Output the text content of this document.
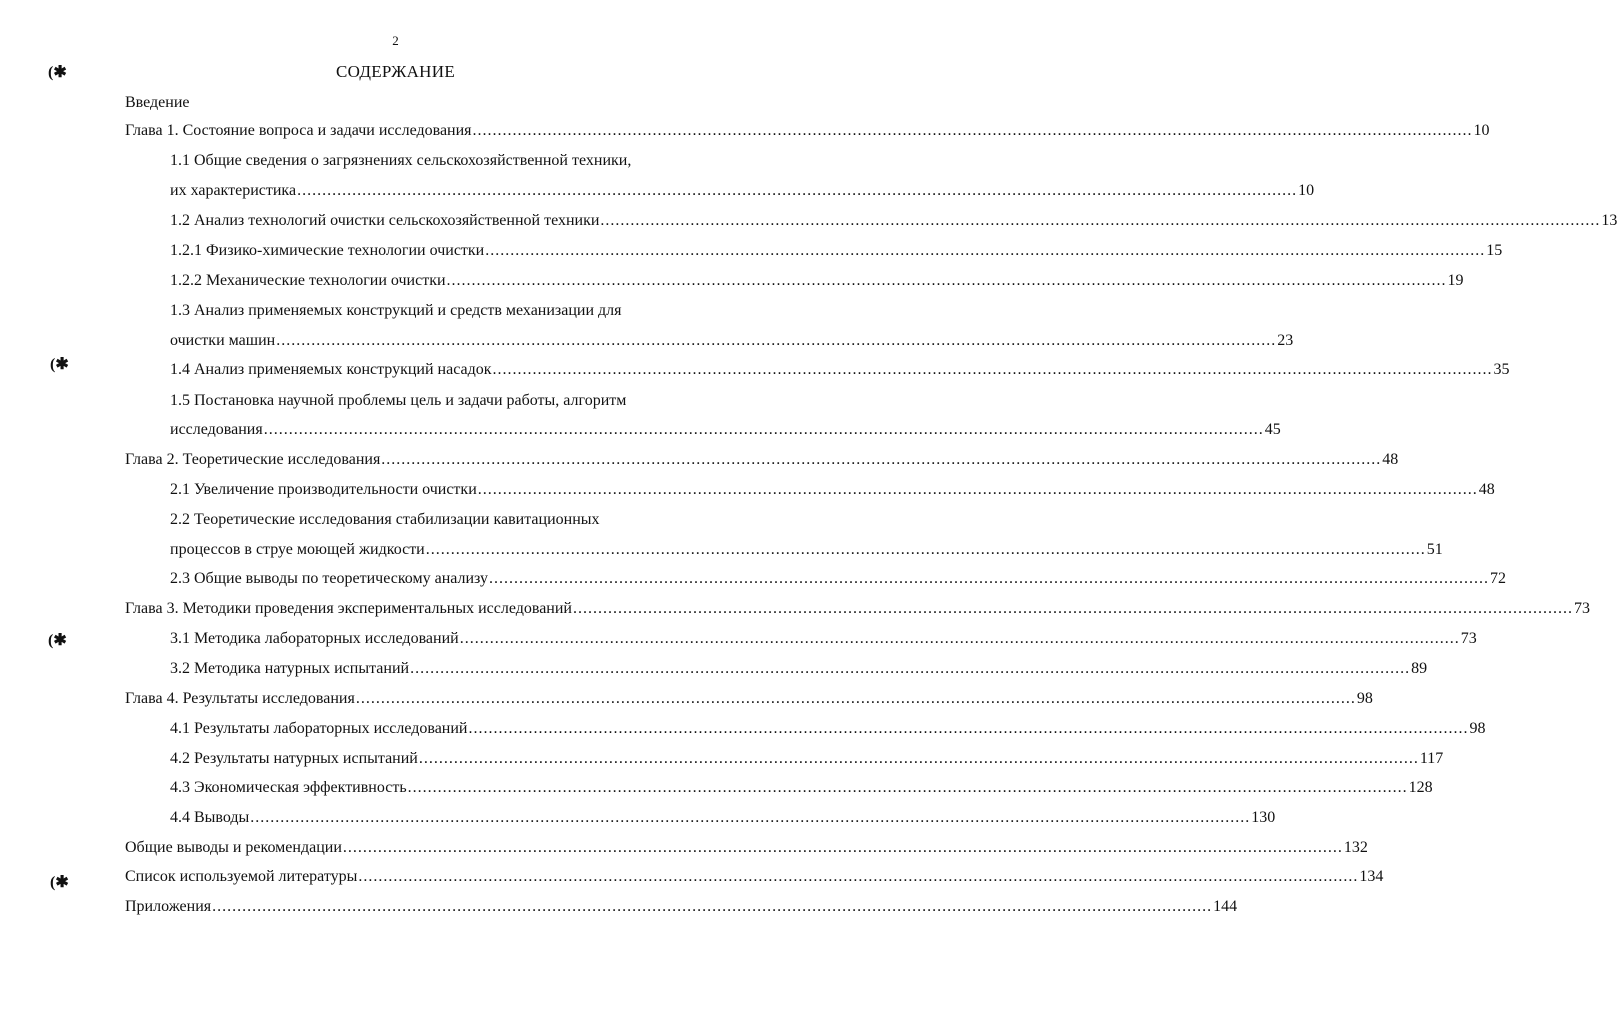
2
СОДЕРЖАНИЕ
(✱
(✱
(✱
(✱
Введение
Глава 1. Состояние вопроса и задачи исследования ........................................................................................................................................................................................................ 10
1.1 Общие сведения о загрязнениях сельскохозяйственной техники,
их характеристика ........................................................................................................................................................................................................ 10
1.2 Анализ технологий очистки сельскохозяйственной техники ........................................................................................................................................................................................................ 13
1.2.1 Физико-химические технологии очистки ........................................................................................................................................................................................................ 15
1.2.2 Механические технологии очистки ........................................................................................................................................................................................................ 19
1.3 Анализ применяемых конструкций и средств механизации для
очистки машин ........................................................................................................................................................................................................ 23
1.4 Анализ применяемых конструкций насадок ........................................................................................................................................................................................................ 35
1.5 Постановка научной проблемы цель и задачи работы, алгоритм
исследования ........................................................................................................................................................................................................ 45
Глава 2. Теоретические исследования ........................................................................................................................................................................................................ 48
2.1 Увеличение производительности очистки ........................................................................................................................................................................................................ 48
2.2 Теоретические исследования стабилизации кавитационных
процессов в струе моющей жидкости ........................................................................................................................................................................................................ 51
2.3 Общие выводы по теоретическому анализу ........................................................................................................................................................................................................ 72
Глава 3. Методики проведения экспериментальных исследований ........................................................................................................................................................................................................ 73
3.1 Методика лабораторных исследований ........................................................................................................................................................................................................ 73
3.2 Методика натурных испытаний ........................................................................................................................................................................................................ 89
Глава 4. Результаты исследования ........................................................................................................................................................................................................ 98
4.1 Результаты лабораторных исследований ........................................................................................................................................................................................................ 98
4.2 Результаты натурных испытаний ........................................................................................................................................................................................................ 117
4.3 Экономическая эффективность ........................................................................................................................................................................................................ 128
4.4 Выводы ........................................................................................................................................................................................................ 130
Общие выводы и рекомендации ........................................................................................................................................................................................................ 132
Список используемой литературы ........................................................................................................................................................................................................ 134
Приложения ........................................................................................................................................................................................................ 144
